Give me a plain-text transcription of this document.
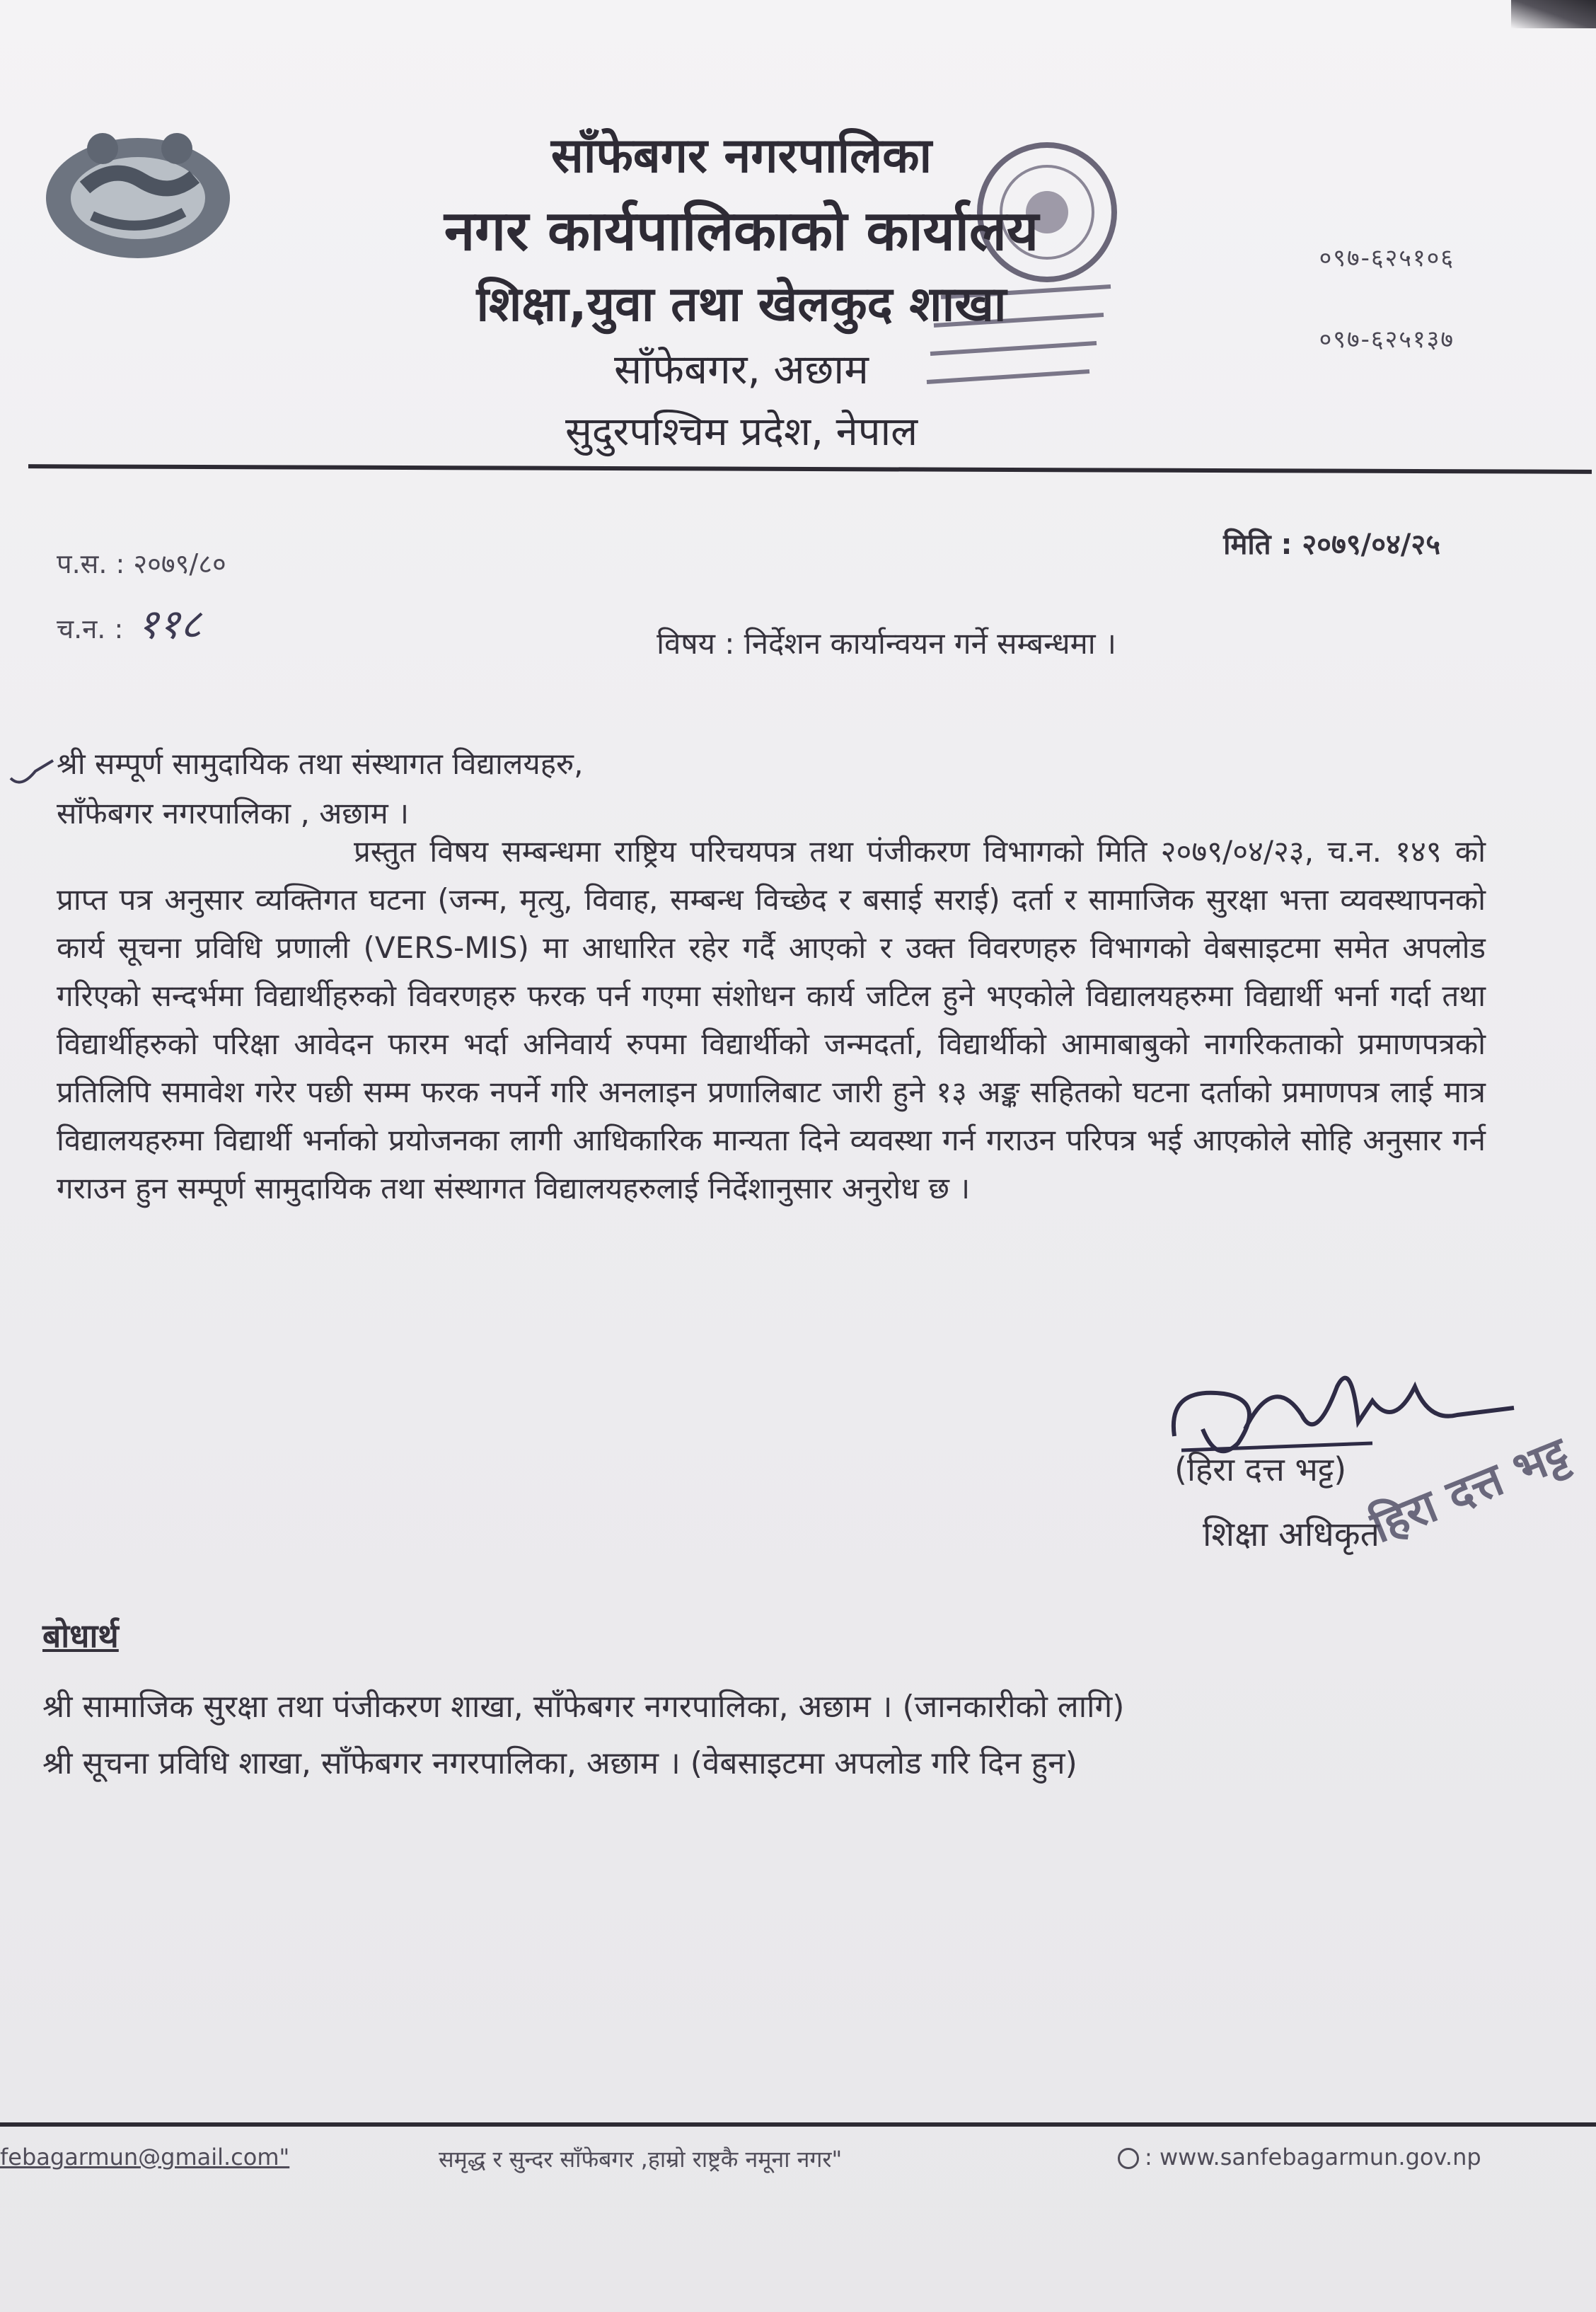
साँफेबगर नगरपालिका
नगर कार्यपालिकाको कार्यालय
शिक्षा,युवा तथा खेलकुद शाखा
साँफेबगर, अछाम
सुदुरपश्चिम प्रदेश, नेपाल
०९७-६२५१०६
०९७-६२५१३७
प.स. : २०७९/८०
च.न. : ११८
मिति : २०७९/०४/२५
विषय : निर्देशन कार्यान्वयन गर्ने सम्बन्धमा ।
श्री सम्पूर्ण सामुदायिक तथा संस्थागत विद्यालयहरु,
साँफेबगर नगरपालिका , अछाम ।
प्रस्तुत विषय सम्बन्धमा राष्ट्रिय परिचयपत्र तथा पंजीकरण विभागको मिति २०७९/०४/२३, च.न. १४९ को प्राप्त पत्र अनुसार व्यक्तिगत घटना (जन्म, मृत्यु, विवाह, सम्बन्ध विच्छेद र बसाई सराई) दर्ता र सामाजिक सुरक्षा भत्ता व्यवस्थापनको कार्य सूचना प्रविधि प्रणाली (VERS-MIS) मा आधारित रहेर गर्दै आएको र उक्त विवरणहरु विभागको वेबसाइटमा समेत अपलोड गरिएको सन्दर्भमा विद्यार्थीहरुको विवरणहरु फरक पर्न गएमा संशोधन कार्य जटिल हुने भएकोले विद्यालयहरुमा विद्यार्थी भर्ना गर्दा तथा विद्यार्थीहरुको परिक्षा आवेदन फारम भर्दा अनिवार्य रुपमा विद्यार्थीको जन्मदर्ता, विद्यार्थीको आमाबाबुको नागरिकताको प्रमाणपत्रको प्रतिलिपि समावेश गरेर पछी सम्म फरक नपर्ने गरि अनलाइन प्रणालिबाट जारी हुने १३ अङ्क सहितको घटना दर्ताको प्रमाणपत्र लाई मात्र विद्यालयहरुमा विद्यार्थी भर्नाको प्रयोजनका लागी आधिकारिक मान्यता दिने व्यवस्था गर्न गराउन परिपत्र भई आएकोले सोहि अनुसार गर्न गराउन हुन सम्पूर्ण सामुदायिक तथा संस्थागत विद्यालयहरुलाई निर्देशानुसार अनुरोध छ ।
(हिरा दत्त भट्ट)
शिक्षा अधिकृत
हिरा दत्त भट्ट
बोधार्थ
श्री सामाजिक सुरक्षा तथा पंजीकरण शाखा, साँफेबगर नगरपालिका, अछाम । (जानकारीको लागि)
श्री सूचना प्रविधि शाखा, साँफेबगर नगरपालिका, अछाम । (वेबसाइटमा अपलोड गरि दिन हुन)
febagarmun@gmail.com"	समृद्ध र सुन्दर साँफेबगर ,हाम्रो राष्ट्रकै नमूना नगर"	: www.sanfebagarmun.gov.np
